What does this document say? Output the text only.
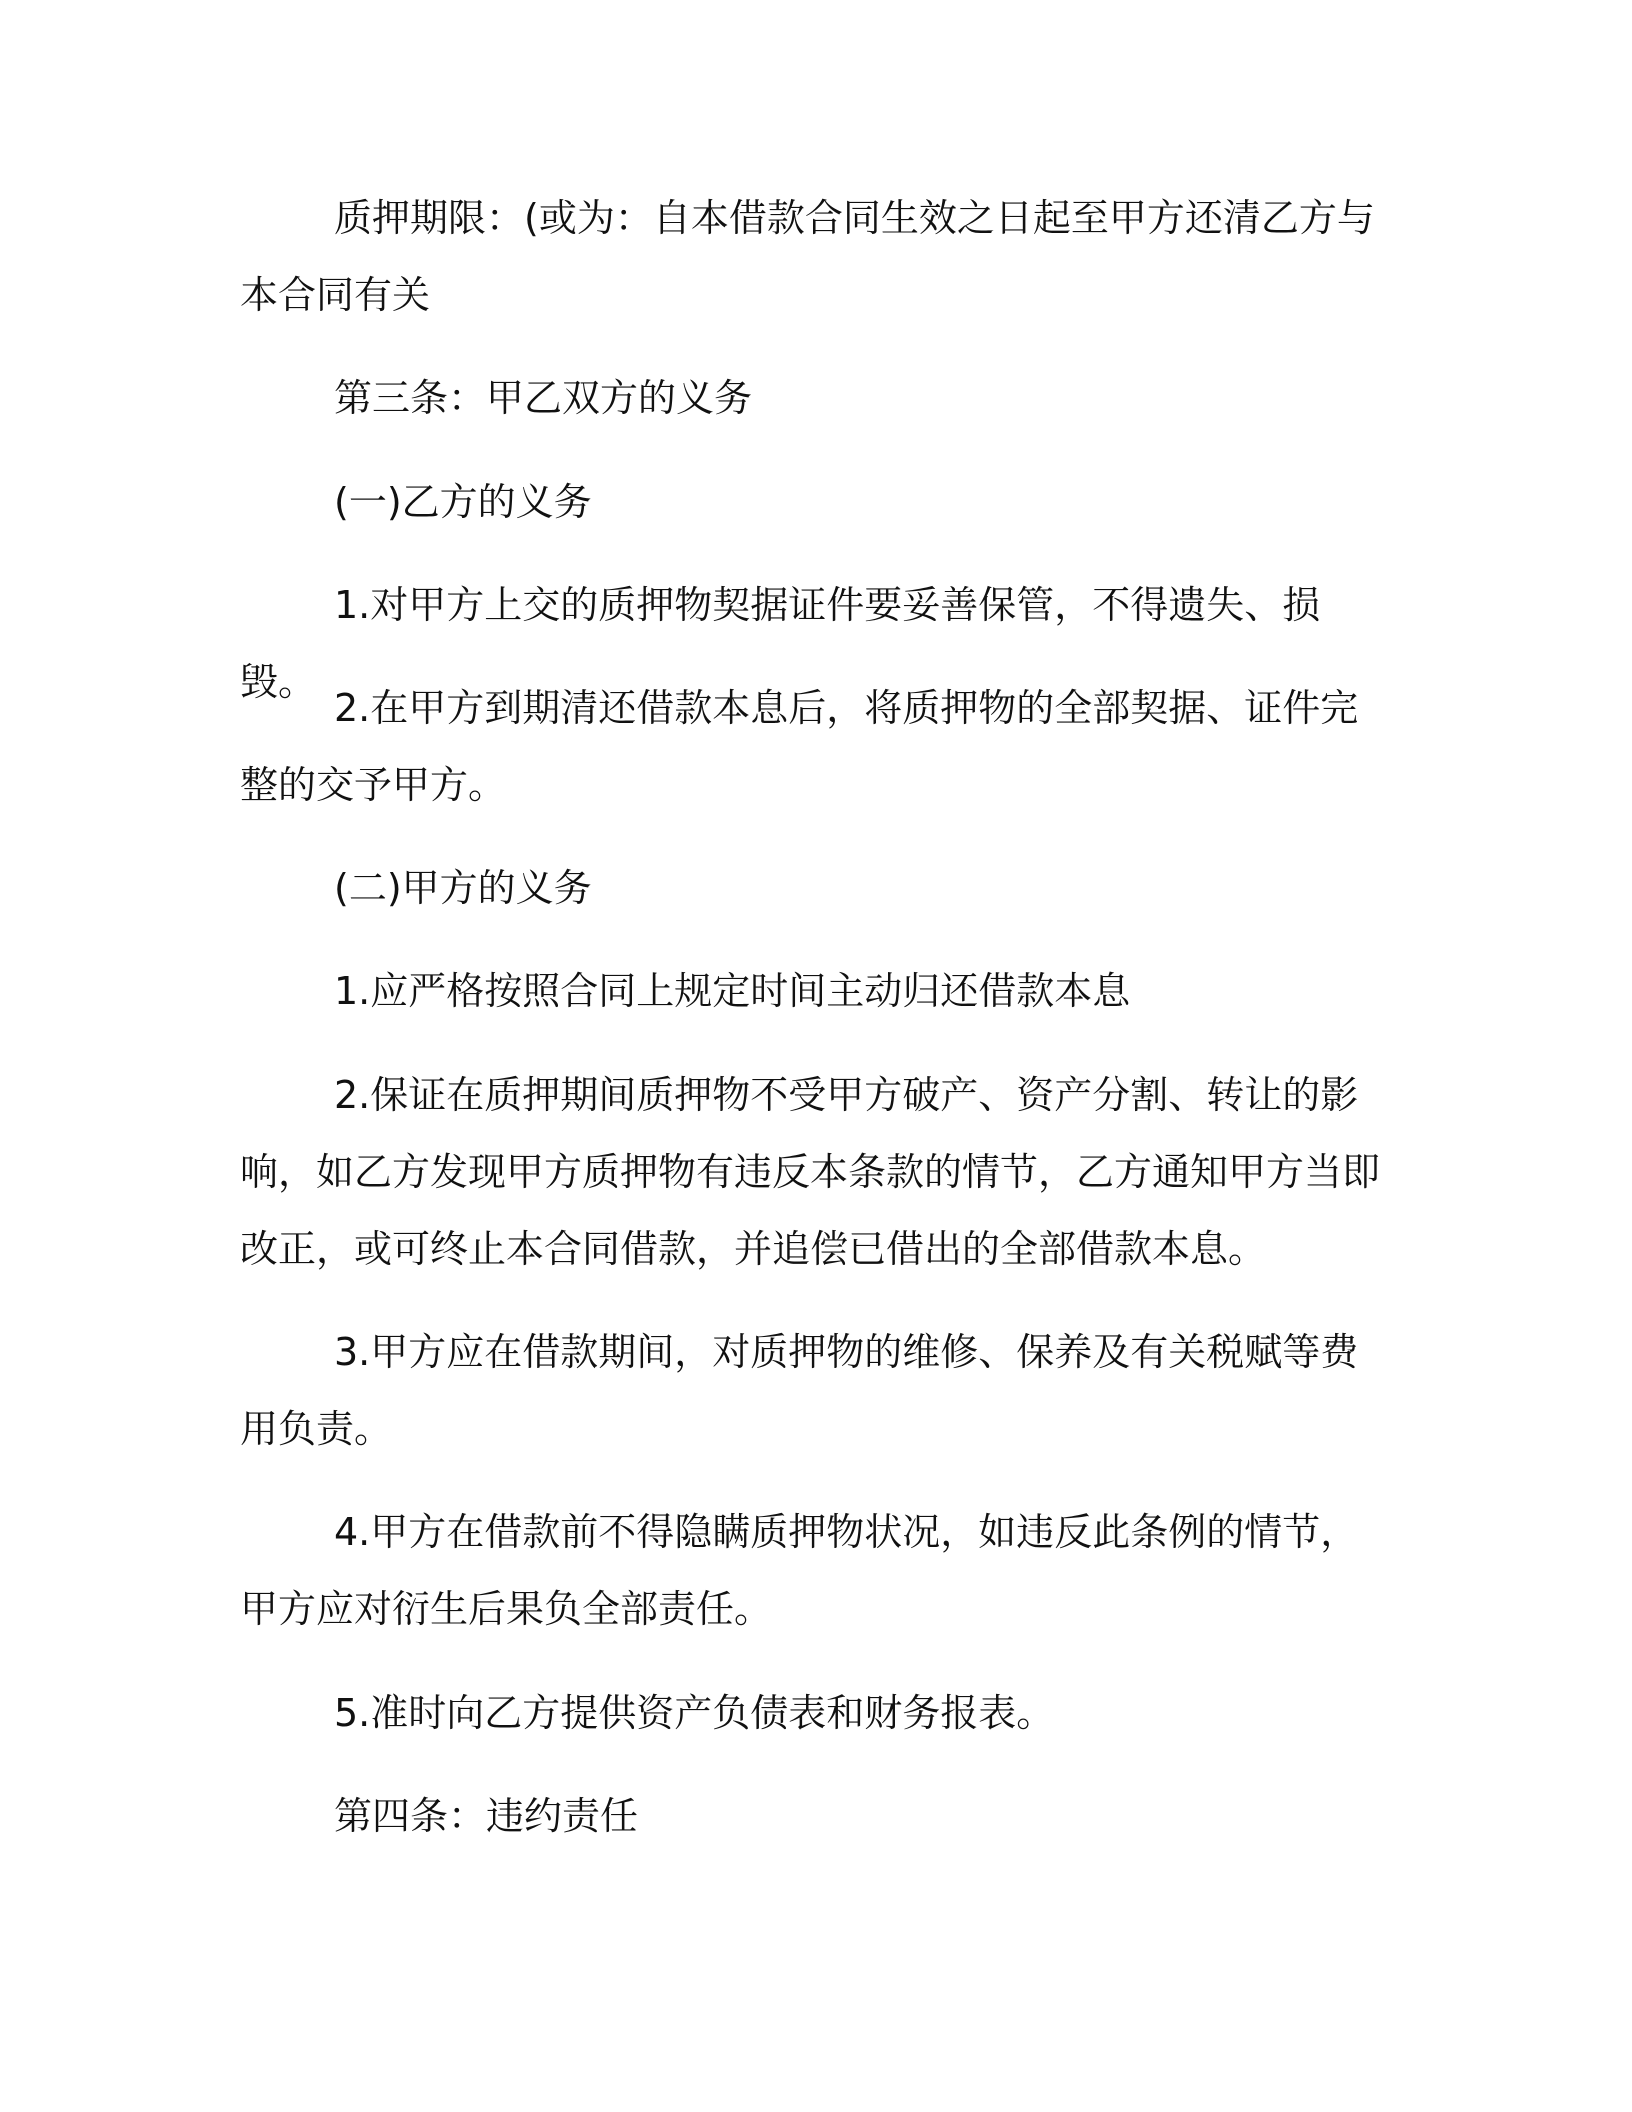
质押期限：(或为：自本借款合同生效之日起至甲方还清乙方与本合同有关

第三条：甲乙双方的义务

(一)乙方的义务

1.对甲方上交的质押物契据证件要妥善保管，不得遗失、损毁。

2.在甲方到期清还借款本息后，将质押物的全部契据、证件完整的交予甲方。

(二)甲方的义务

1.应严格按照合同上规定时间主动归还借款本息

2.保证在质押期间质押物不受甲方破产、资产分割、转让的影响，如乙方发现甲方质押物有违反本条款的情节，乙方通知甲方当即改正，或可终止本合同借款，并追偿已借出的全部借款本息。

3.甲方应在借款期间，对质押物的维修、保养及有关税赋等费用负责。

4.甲方在借款前不得隐瞒质押物状况，如违反此条例的情节，甲方应对衍生后果负全部责任。

5.准时向乙方提供资产负债表和财务报表。

第四条：违约责任
